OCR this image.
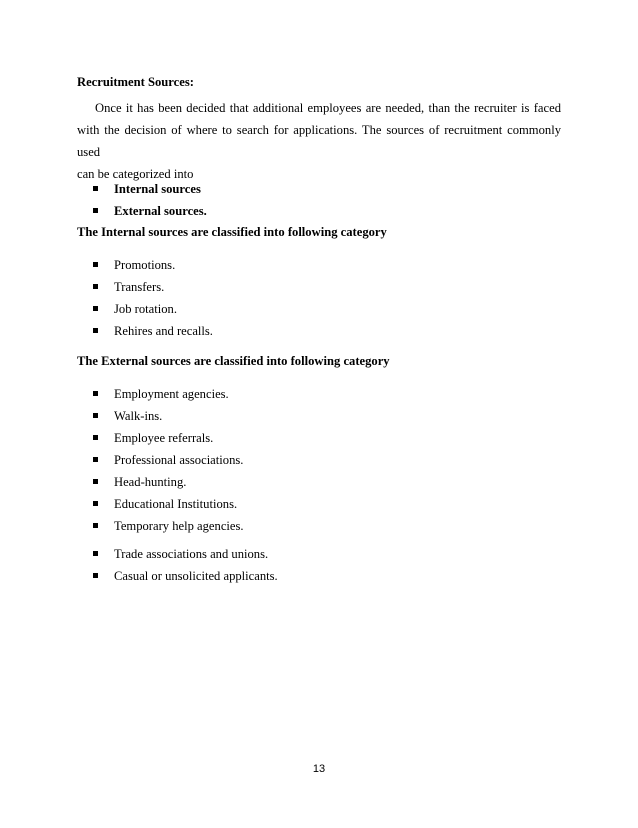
Recruitment Sources:

Once it has been decided that additional employees are needed, than the recruiter is faced
with the decision of where to search for applications. The sources of recruitment commonly used
can be categorized into
Internal sources
External sources.

The Internal sources are classified into following category

Promotions.
Transfers.
Job rotation.
Rehires and recalls.

The External sources are classified into following category

Employment agencies.
Walk-ins.
Employee referrals.
Professional associations.
Head-hunting.
Educational Institutions.
Temporary help agencies.
Trade associations and unions.
Casual or unsolicited applicants.
13
